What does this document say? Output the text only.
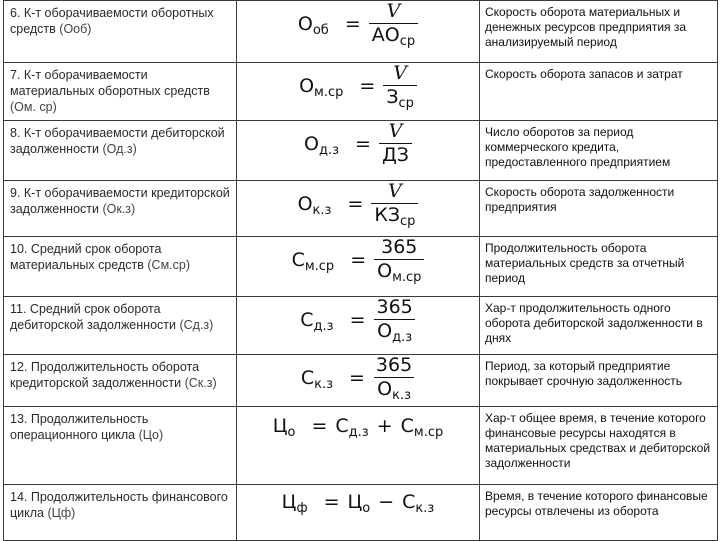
6. К-т оборачиваемости оборотных средств (Ооб)	$О_{об} = \frac{V}{АО_{ср}}$	Скорость оборота материальных и денежных ресурсов предприятия за анализируемый период

7. К-т оборачиваемости материальных оборотных средств (Ом. ср)	$О_{м.ср} = \frac{V}{З_{ср}}$	Скорость оборота запасов и затрат

8. К-т оборачиваемости дебиторской задолженности (Од.з)	$О_{д.з} = \frac{V}{ДЗ}$	Число оборотов за период коммерческого кредита, предоставленного предприятием

9. К-т оборачиваемости кредиторской задолженности (Ок.з)	$О_{к.з} = \frac{V}{КЗ_{ср}}$	Скорость оборота задолженности предприятия

10. Средний срок оборота материальных средств (См.ср)	$С_{м.ср} = \frac{365}{О_{м.ср}}$	Продолжительность оборота материальных средств за отчетный период

11. Средний срок оборота дебиторской задолженности (Сд.з)	$С_{д.з} = \frac{365}{О_{д.з}}$	Хар-т продолжительность одного оборота дебиторской задолженности в днях

12. Продолжительность оборота кредиторской задолженности (Ск.з)	$С_{к.з} = \frac{365}{О_{к.з}}$	Период, за который предприятие покрывает срочную задолженность

13. Продолжительность операционного цикла (Цо)	$Ц_о = С_{д.з} + С_{м.ср}$	Хар-т общее время, в течение которого финансовые ресурсы находятся в материальных средствах и дебиторской задолженности

14. Продолжительность финансового цикла (Цф)	$Ц_ф = Ц_о - С_{к.з}$	Время, в течение которого финансовые ресурсы отвлечены из оборота
